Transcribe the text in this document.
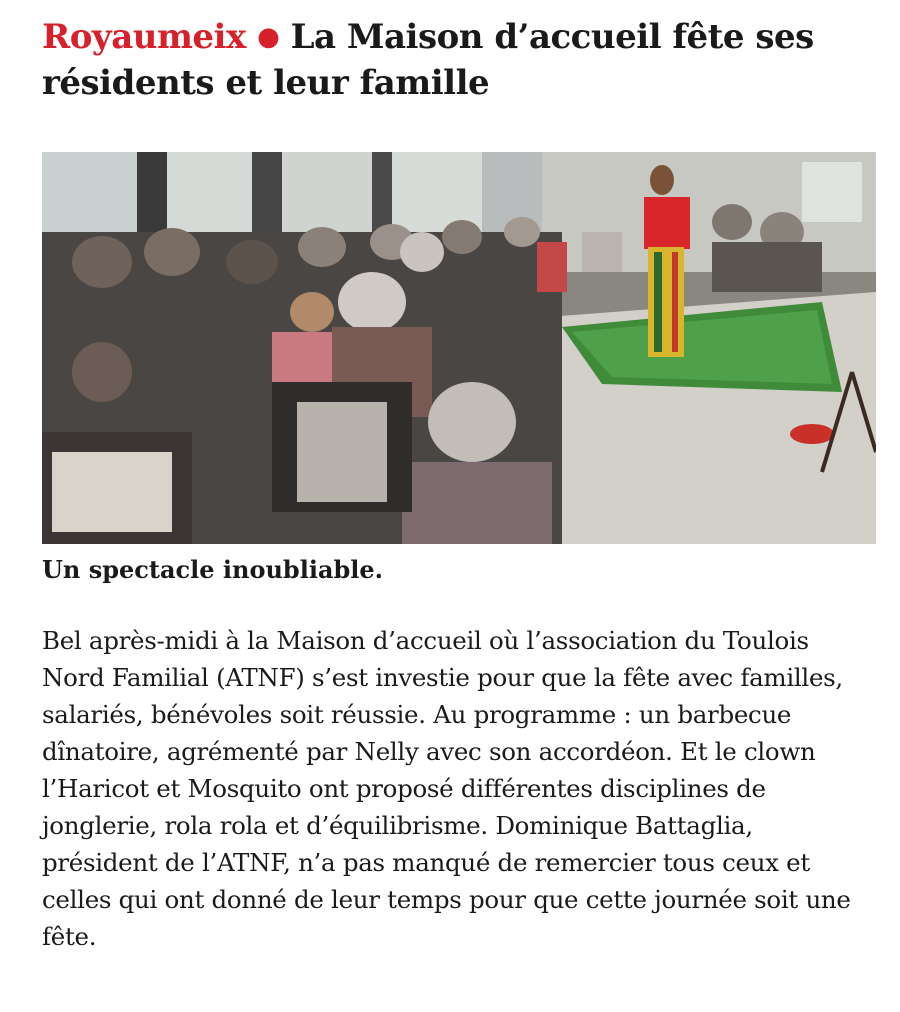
Royaumeix ● La Maison d’accueil fête ses résidents et leur famille

Un spectacle inoubliable.

Bel après-midi à la Maison d’accueil où l’association du Toulois Nord Familial (ATNF) s’est investie pour que la fête avec familles, salariés, bénévoles soit réussie. Au programme : un barbecue dînatoire, agrémenté par Nelly avec son accordéon. Et le clown l’Haricot et Mosquito ont proposé différentes disciplines de jonglerie, rola rola et d’équilibrisme. Dominique Battaglia, président de l’ATNF, n’a pas manqué de remercier tous ceux et celles qui ont donné de leur temps pour que cette journée soit une fête.
